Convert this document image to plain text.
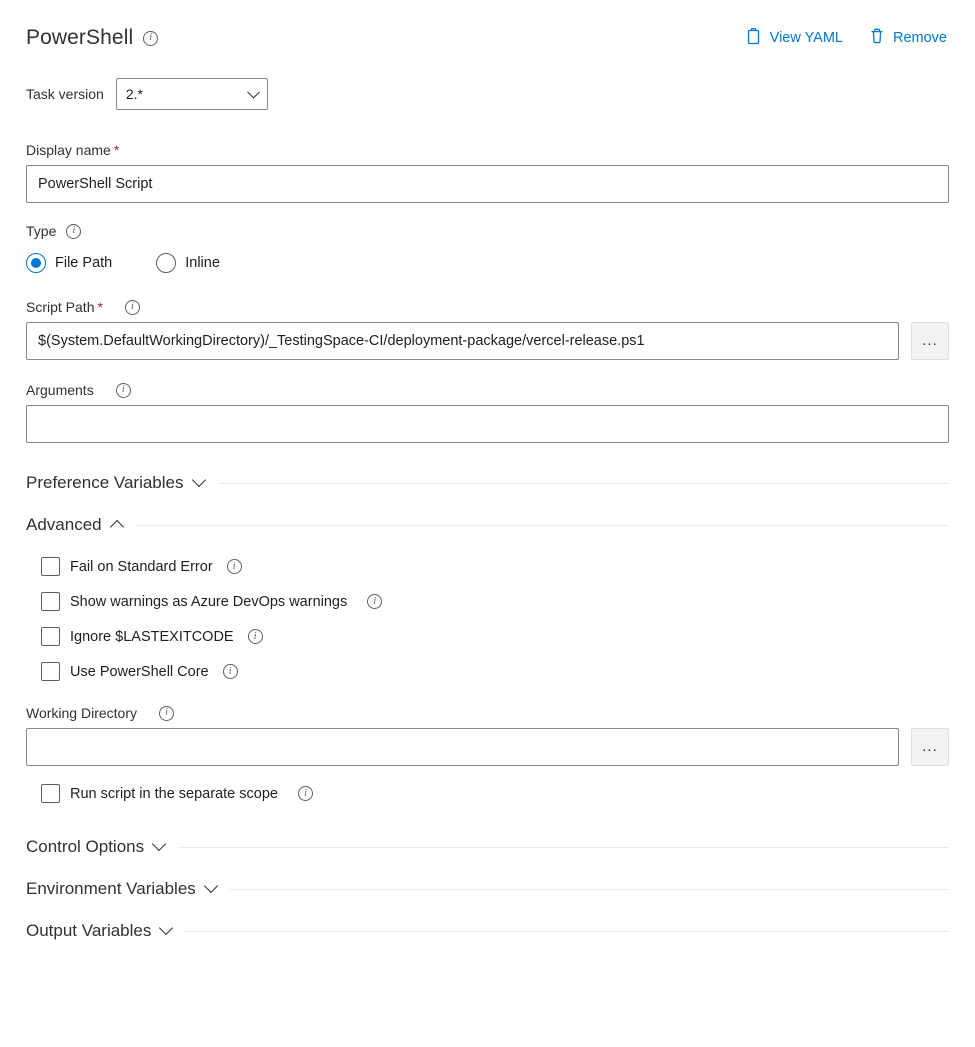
PowerShell	i	View YAML	Remove
Task version
2.*
Display name *
PowerShell Script
Type	i
File Path	Inline
Script Path *	i
$(System.DefaultWorkingDirectory)/_TestingSpace-CI/deployment-package/vercel-release.ps1
...
Arguments	i
Preference Variables
Advanced
Fail on Standard Error	i
Show warnings as Azure DevOps warnings	i
Ignore $LASTEXITCODE	i
Use PowerShell Core	i
Working Directory	i
...
Run script in the separate scope	i
Control Options
Environment Variables
Output Variables
